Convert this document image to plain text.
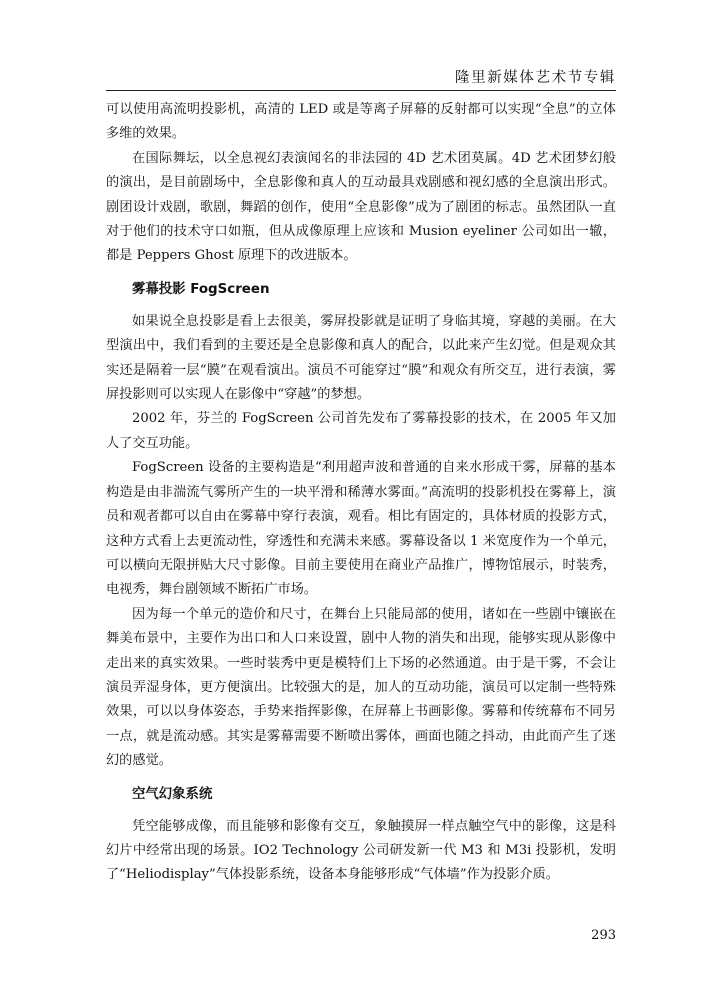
隆里新媒体艺术节专辑

可以使用高流明投影机，高清的 LED 或是等离子屏幕的反射都可以实现“全息”的立体多维的效果。

在国际舞坛，以全息视幻表演闻名的非法园的 4D 艺术团莫属。4D 艺术团梦幻般的演出，是目前剧场中，全息影像和真人的互动最具戏剧感和视幻感的全息演出形式。剧团设计戏剧，歌剧，舞蹈的创作，使用“全息影像”成为了剧团的标志。虽然团队一直对于他们的技术守口如瓶，但从成像原理上应该和 Musion eyeliner 公司如出一辙，都是 Peppers Ghost 原理下的改进版本。

雾幕投影 FogScreen

如果说全息投影是看上去很美，雾屏投影就是证明了身临其境，穿越的美丽。在大型演出中，我们看到的主要还是全息影像和真人的配合，以此来产生幻觉。但是观众其实还是隔着一层“膜”在观看演出。演员不可能穿过“膜”和观众有所交互，进行表演，雾屏投影则可以实现人在影像中“穿越”的梦想。

2002 年，芬兰的 FogScreen 公司首先发布了雾幕投影的技术，在 2005 年又加人了交互功能。

FogScreen 设备的主要构造是“利用超声波和普通的自来水形成干雾，屏幕的基本构造是由非湍流气雾所产生的一块平滑和稀薄水雾面。”高流明的投影机投在雾幕上，演员和观者都可以自由在雾幕中穿行表演，观看。相比有固定的，具体材质的投影方式，这种方式看上去更流动性，穿透性和充满未来感。雾幕设备以 1 米宽度作为一个单元，可以横向无限拼贴大尺寸影像。目前主要使用在商业产品推广，博物馆展示，时装秀，电视秀，舞台剧领域不断拓广市场。

因为每一个单元的造价和尺寸，在舞台上只能局部的使用，诸如在一些剧中镶嵌在舞美布景中，主要作为出口和人口来设置，剧中人物的消失和出现，能够实现从影像中走出来的真实效果。一些时装秀中更是模特们上下场的必然通道。由于是干雾，不会让演员弄湿身体，更方便演出。比较强大的是，加人的互动功能，演员可以定制一些特殊效果，可以以身体姿态，手势来指挥影像，在屏幕上书画影像。雾幕和传统幕布不同另一点，就是流动感。其实是雾幕需要不断喷出雾体，画面也随之抖动，由此而产生了迷幻的感觉。

空气幻象系统

凭空能够成像，而且能够和影像有交互，象触摸屏一样点触空气中的影像，这是科幻片中经常出现的场景。IO2 Technology 公司研发新一代 M3 和 M3i 投影机，发明了“Heliodisplay”气体投影系统，设备本身能够形成“气体墙”作为投影介质。

293
